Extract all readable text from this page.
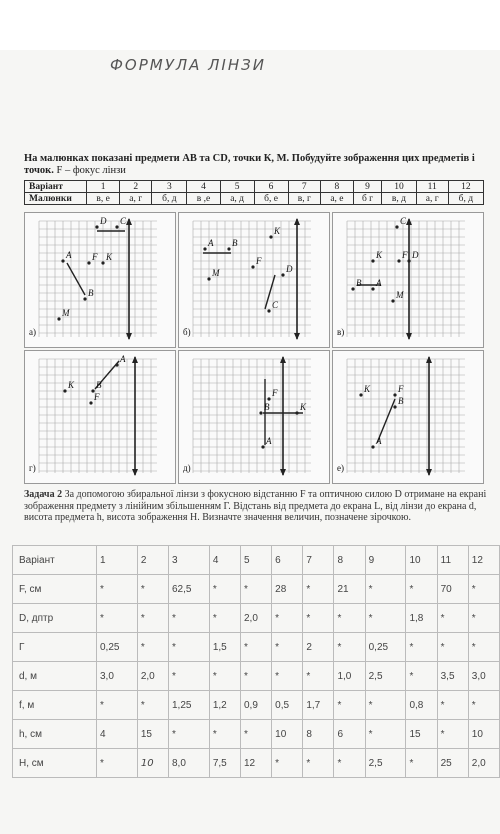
ФОРМУЛА ЛІНЗИ
На малюнках показані предмети АВ та CD, точки К, М. Побудуйте зображення цих предметів і точок. F – фокус лінзи
Варіант	1	2	3	4	5	6	7	8	9	10	11	12
Малюнки	в, е	а, г	б, д	в ,е	а, д	б, е	в, г	а, е	б г	в, д	а, г	б, д
A
B
C
D
F K
M
а)
A B
C
D
F
K
M
б)
A
B
C
D
F
K
M
в)
A
B
F
K
г)
A
B
F
K
д)
A
B
F
K
е)
Задача 2 За допомогою збиральної лінзи з фокусною відстанню F та оптичною силою D отримане на екрані зображення предмету з лінійним збільшенням Г. Відстань від предмета до екрана L, від лінзи до екрана d, висота предмета h, висота зображення H. Визначте значення величин, позначене зірочкою.
Варіант	1	2	3	4	5	6	7	8	9	10	11	12
F, см	*	*	62,5	*	*	28	*	21	*	*	70	*
D, дптр	*	*	*	*	2,0	*	*	*	*	1,8	*	*
Г	0,25	*	*	1,5	*	*	2	*	0,25	*	*	*
d, м	3,0	2,0	*	*	*	*	*	1,0	2,5	*	3,5	3,0
f, м	*	*	1,25	1,2	0,9	0,5	1,7	*	*	0,8	*	*
h, см	4	15	*	*	*	10	8	6	*	15	*	10
H, см	*	10	8,0	7,5	12	*	*	*	2,5	*	25	2,0
